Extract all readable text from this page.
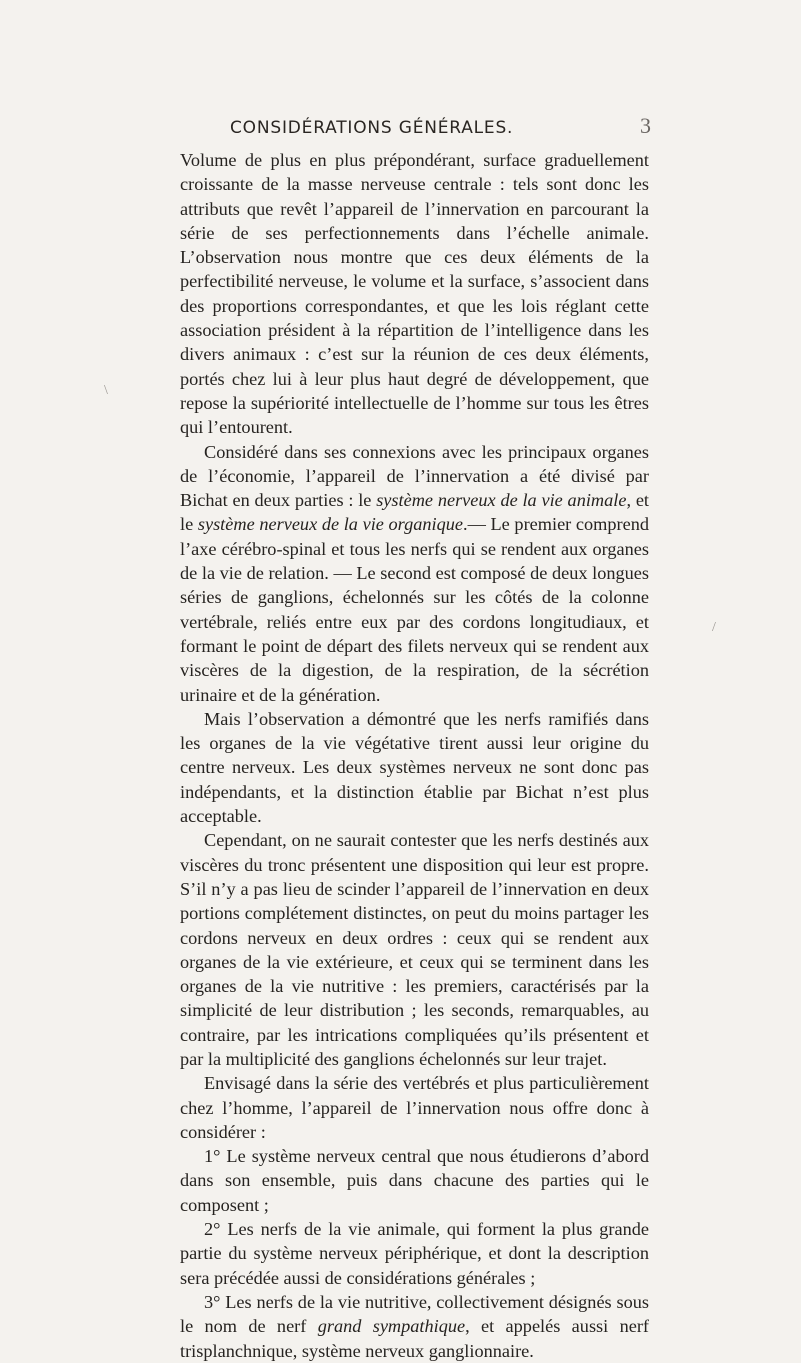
CONSIDÉRATIONS GÉNÉRALES.	3

Volume de plus en plus prépondérant, surface graduellement croissante de la masse nerveuse centrale : tels sont donc les attributs que revêt l’appareil de l’innervation en parcourant la série de ses perfectionnements dans l’échelle animale. L’observation nous montre que ces deux éléments de la perfectibilité nerveuse, le volume et la surface, s’associent dans des proportions correspondantes, et que les lois réglant cette association président à la répartition de l’intelligence dans les divers animaux : c’est sur la réunion de ces deux éléments, portés chez lui à leur plus haut degré de développement, que repose la supériorité intellectuelle de l’homme sur tous les êtres qui l’entourent.

Considéré dans ses connexions avec les principaux organes de l’économie, l’appareil de l’innervation a été divisé par Bichat en deux parties : le système nerveux de la vie animale, et le système nerveux de la vie organique.— Le premier comprend l’axe cérébro-spinal et tous les nerfs qui se rendent aux organes de la vie de relation. — Le second est composé de deux longues séries de ganglions, échelonnés sur les côtés de la colonne vertébrale, reliés entre eux par des cordons longitudiaux, et formant le point de départ des filets nerveux qui se rendent aux viscères de la digestion, de la respiration, de la sécrétion urinaire et de la génération.

Mais l’observation a démontré que les nerfs ramifiés dans les organes de la vie végétative tirent aussi leur origine du centre nerveux. Les deux systèmes nerveux ne sont donc pas indépendants, et la distinction établie par Bichat n’est plus acceptable.

Cependant, on ne saurait contester que les nerfs destinés aux viscères du tronc présentent une disposition qui leur est propre. S’il n’y a pas lieu de scinder l’appareil de l’innervation en deux portions complétement distinctes, on peut du moins partager les cordons nerveux en deux ordres : ceux qui se rendent aux organes de la vie extérieure, et ceux qui se terminent dans les organes de la vie nutritive : les premiers, caractérisés par la simplicité de leur distribution ; les seconds, remarquables, au contraire, par les intrications compliquées qu’ils présentent et par la multiplicité des ganglions échelonnés sur leur trajet.

Envisagé dans la série des vertébrés et plus particulièrement chez l’homme, l’appareil de l’innervation nous offre donc à considérer :

1° Le système nerveux central que nous étudierons d’abord dans son ensemble, puis dans chacune des parties qui le composent ;

2° Les nerfs de la vie animale, qui forment la plus grande partie du système nerveux périphérique, et dont la description sera précédée aussi de considérations générales ;

3° Les nerfs de la vie nutritive, collectivement désignés sous le nom de nerf grand sympathique, et appelés aussi nerf trisplanchnique, système nerveux ganglionnaire.

\
/
